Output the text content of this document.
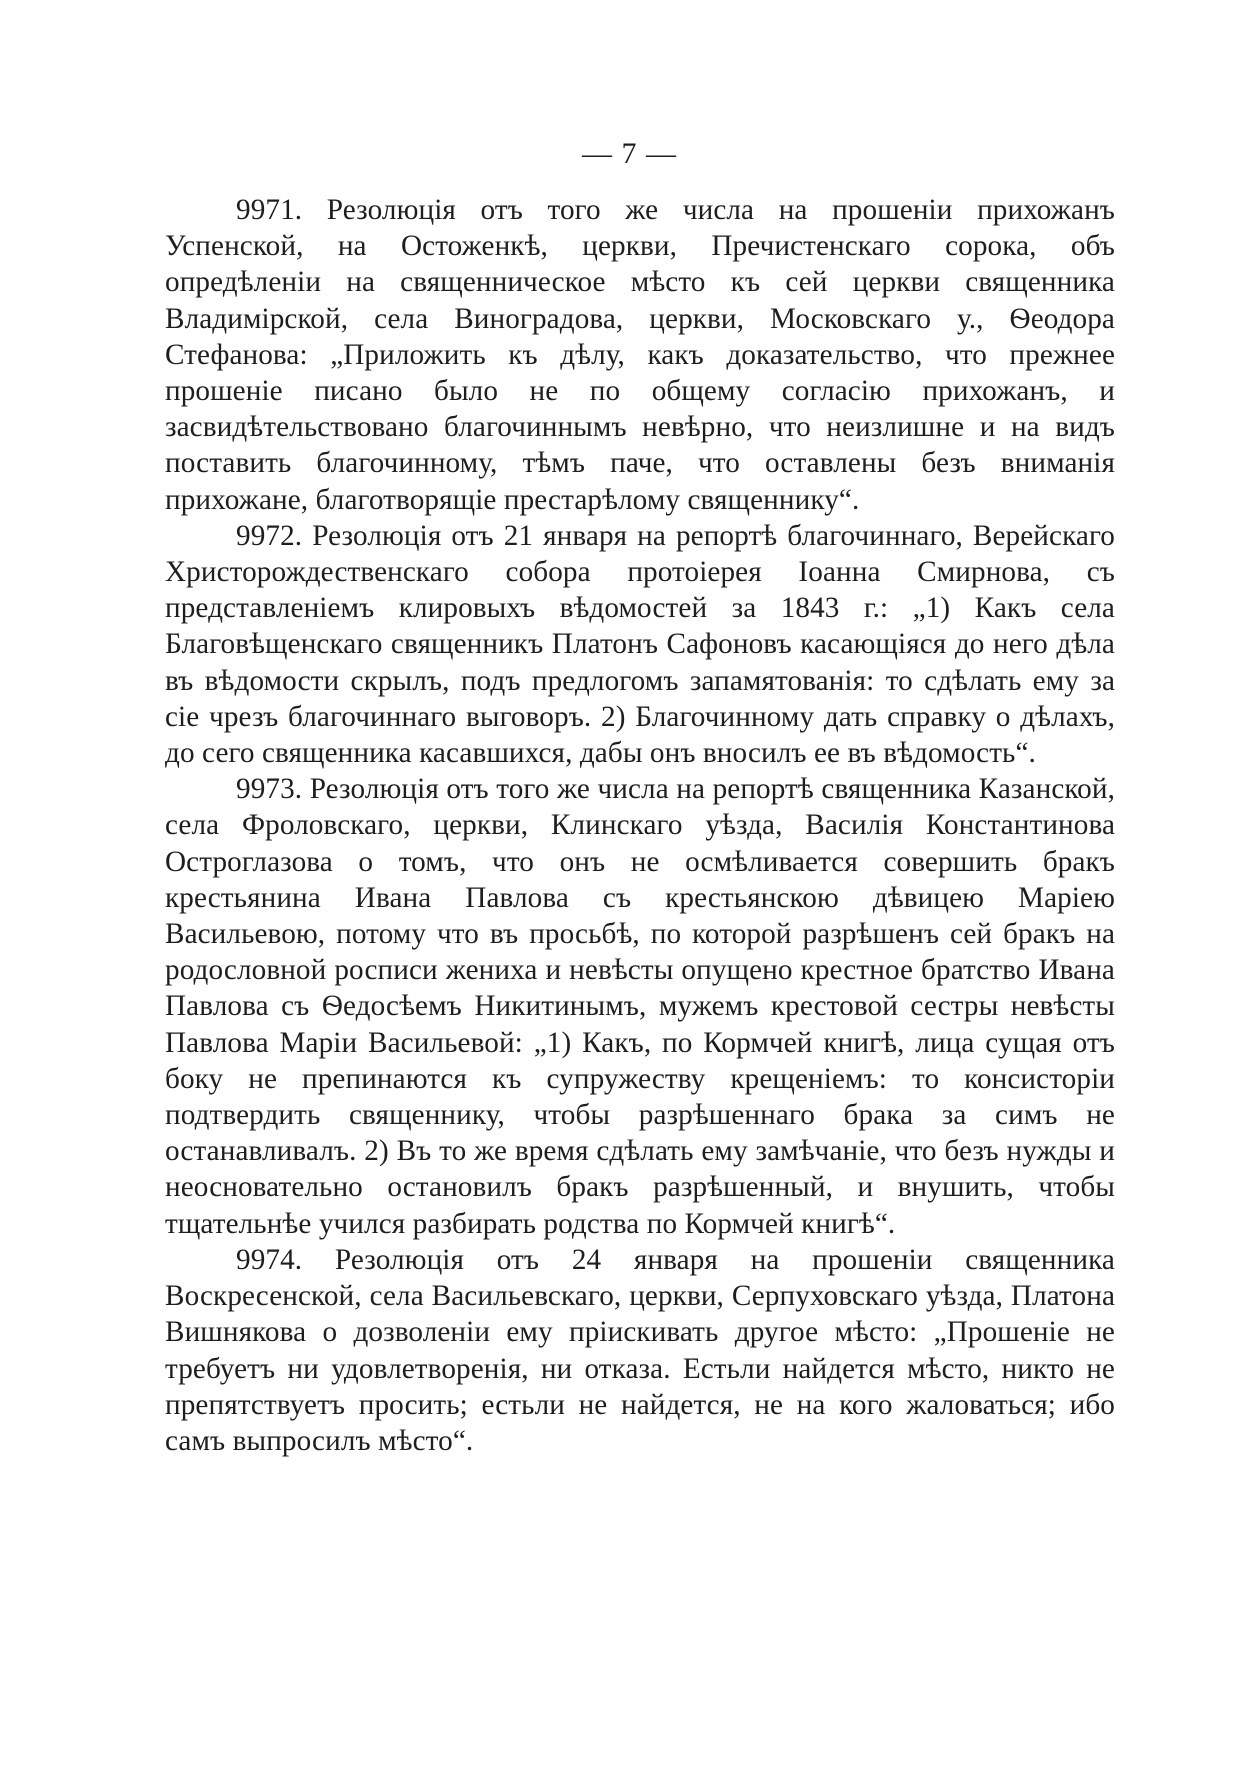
— 7 —

9971. Резолюція отъ того же числа на прошеніи прихожанъ Успенской, на Остоженкѣ, церкви, Пречистенскаго сорока, объ опредѣленіи на священническое мѣсто къ сей церкви священника Владимірской, села Виноградова, церкви, Московскаго у., Ѳеодора Стефанова: „Приложить къ дѣлу, какъ доказательство, что прежнее прошеніе писано было не по общему согласію прихожанъ, и засвидѣтельствовано благочиннымъ невѣрно, что неизлишне и на видъ поставить благочинному, тѣмъ паче, что оставлены безъ вниманія прихожане, благотворящіе престарѣлому священнику“.

9972. Резолюція отъ 21 января на репортѣ благочиннаго, Верейскаго Христорождественскаго собора протоіерея Іоанна Смирнова, съ представленіемъ клировыхъ вѣдомостей за 1843 г.: „1) Какъ села Благовѣщенскаго священникъ Платонъ Сафоновъ касающіяся до него дѣла въ вѣдомости скрылъ, подъ предлогомъ запамятованія: то сдѣлать ему за сіе чрезъ благочиннаго выговоръ. 2) Благочинному дать справку о дѣлахъ, до сего священника касавшихся, дабы онъ вносилъ ее въ вѣдомость“.

9973. Резолюція отъ того же числа на репортѣ священника Казанской, села Фроловскаго, церкви, Клинскаго уѣзда, Василія Константинова Остроглазова о томъ, что онъ не осмѣливается совершить бракъ крестьянина Ивана Павлова съ крестьянскою дѣвицею Маріею Васильевою, потому что въ просьбѣ, по которой разрѣшенъ сей бракъ на родословной росписи жениха и невѣсты опущено крестное братство Ивана Павлова съ Ѳедосѣемъ Никитинымъ, мужемъ крестовой сестры невѣсты Павлова Маріи Васильевой: „1) Какъ, по Кормчей книгѣ, лица сущая отъ боку не препинаются къ супружеству крещеніемъ: то консисторіи подтвердить священнику, чтобы разрѣшеннаго брака за симъ не останавливалъ. 2) Въ то же время сдѣлать ему замѣчаніе, что безъ нужды и неосновательно остановилъ бракъ разрѣшенный, и внушить, чтобы тщательнѣе учился разбирать родства по Кормчей книгѣ“.

9974. Резолюція отъ 24 января на прошеніи священника Воскресенской, села Васильевскаго, церкви, Серпуховскаго уѣзда, Платона Вишнякова о дозволеніи ему пріискивать другое мѣсто: „Прошеніе не требуетъ ни удовлетворенія, ни отказа. Естьли найдется мѣсто, никто не препятствуетъ просить; естьли не найдется, не на кого жаловаться; ибо самъ выпросилъ мѣсто“.
